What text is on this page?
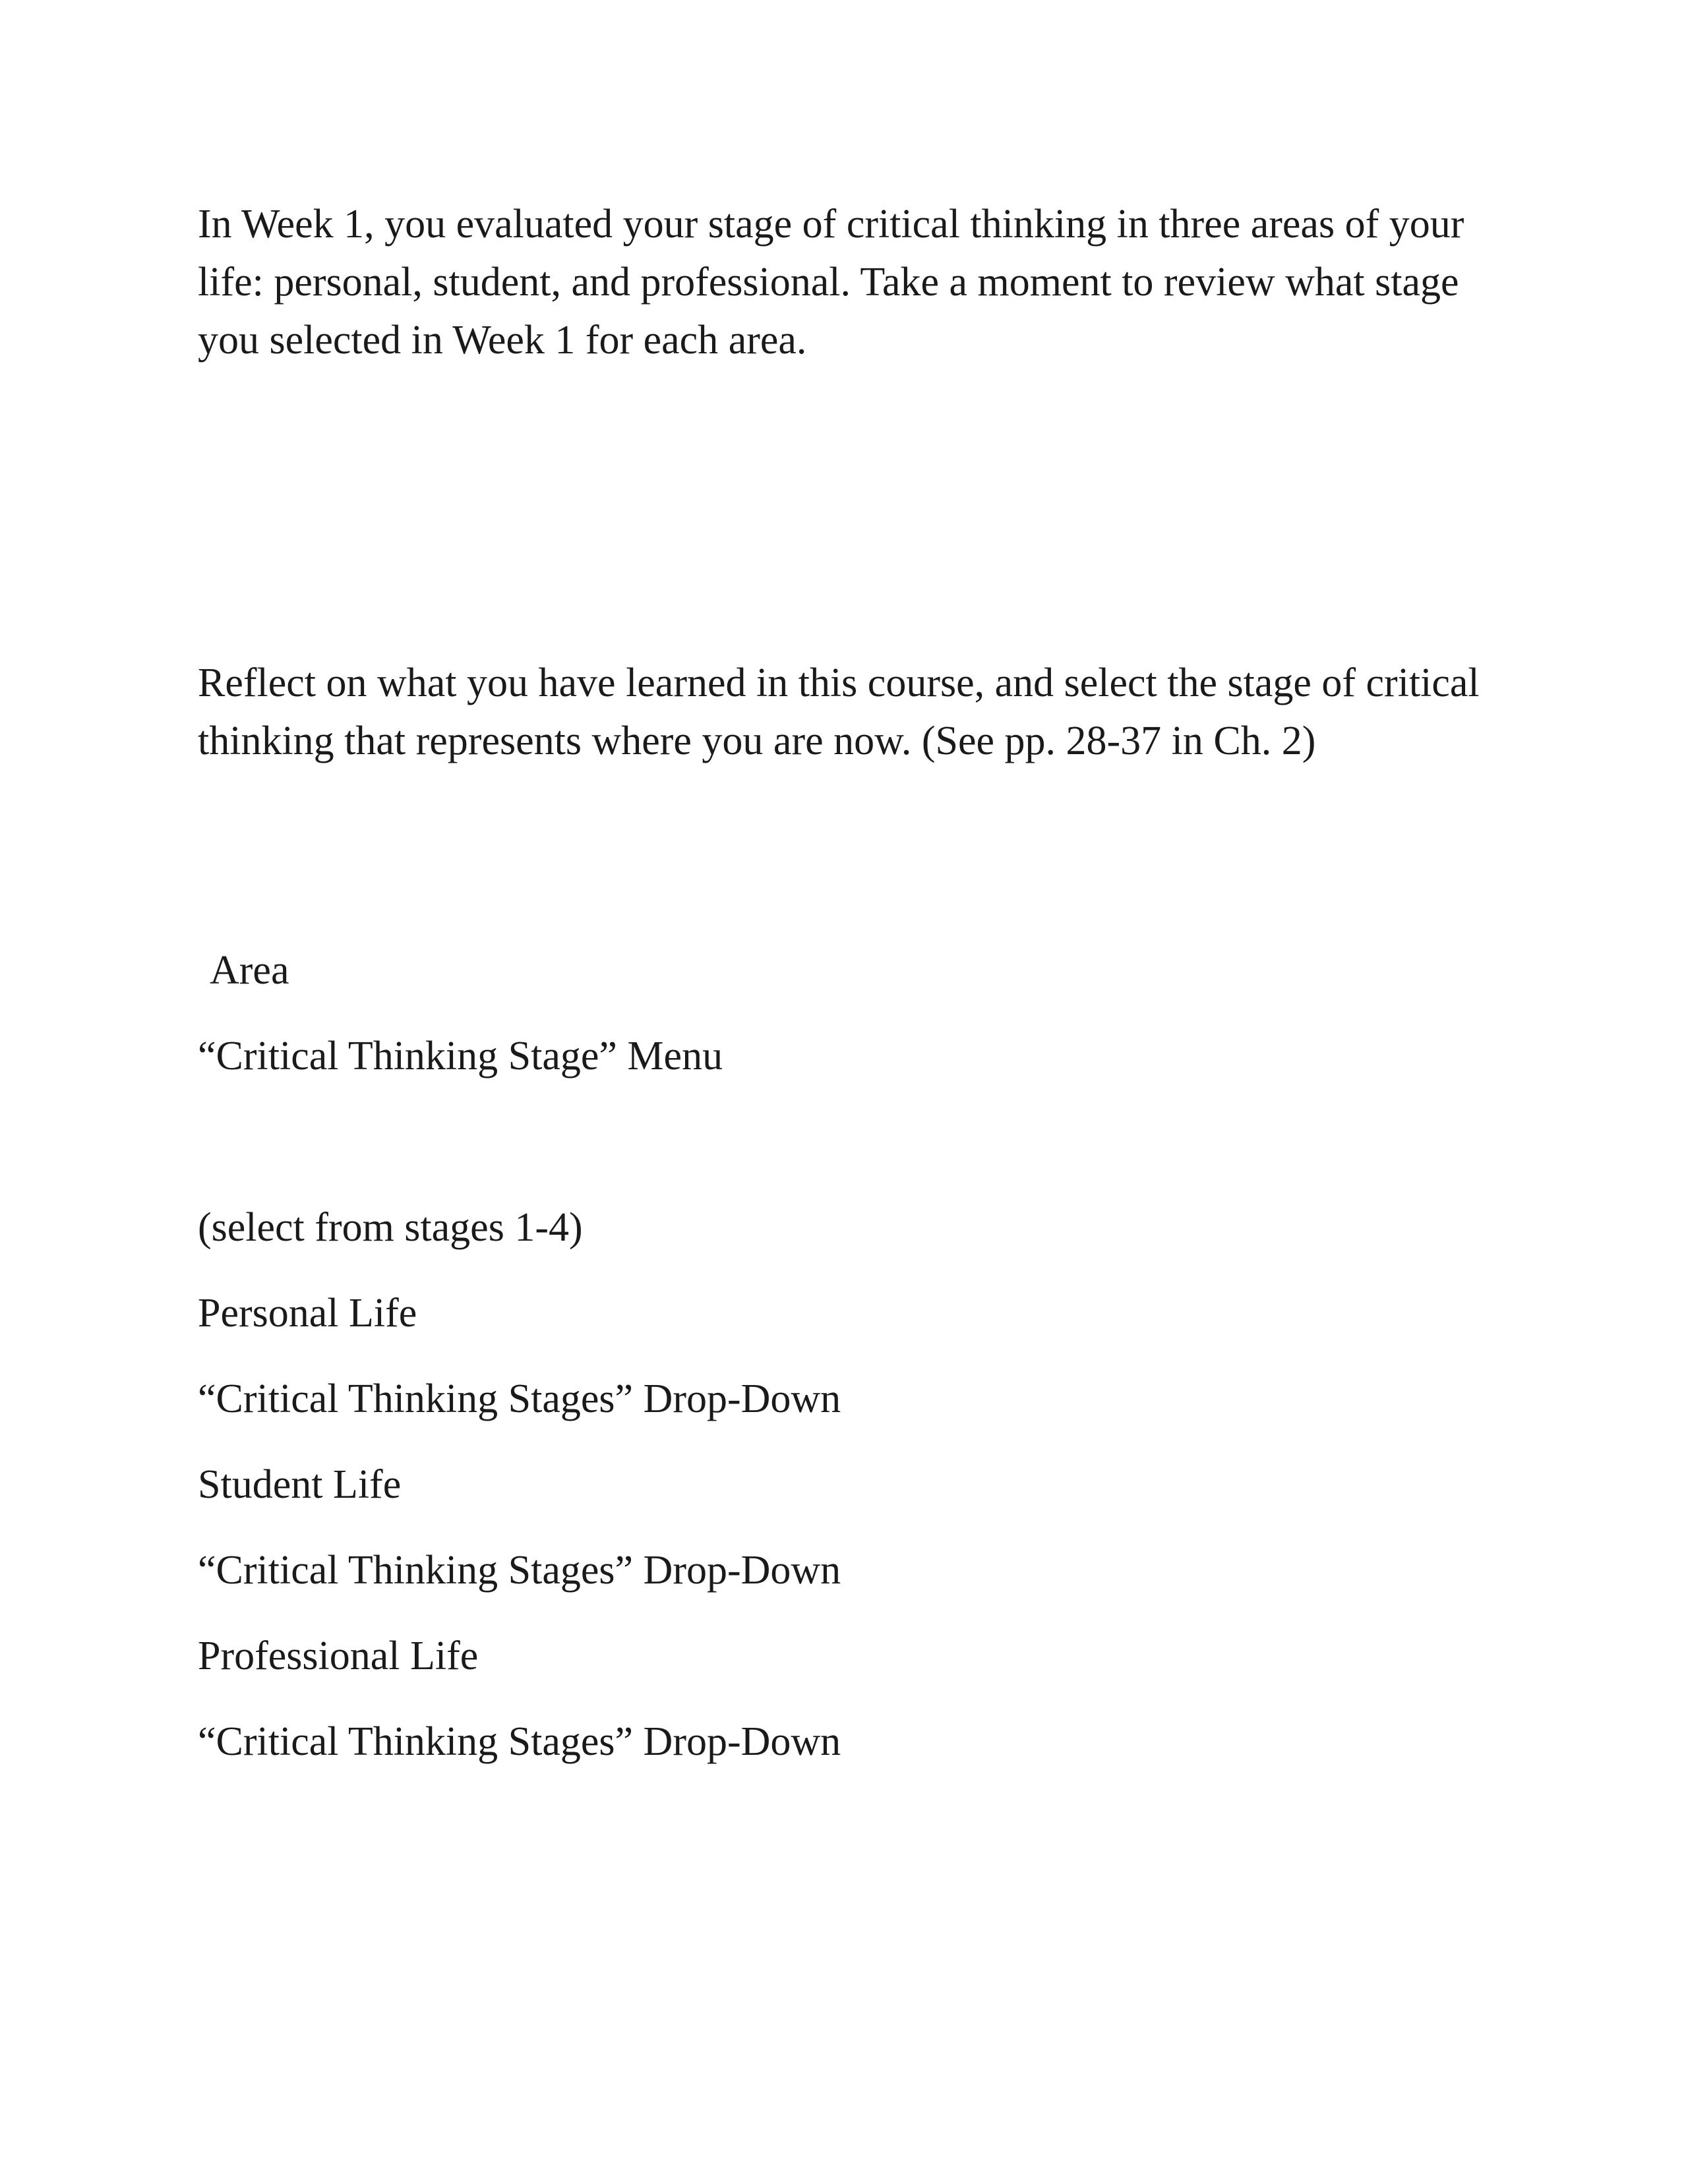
In Week 1, you evaluated your stage of critical thinking in three areas of your life: personal, student, and professional. Take a moment to review what stage you selected in Week 1 for each area.

Reflect on what you have learned in this course, and select the stage of critical thinking that represents where you are now. (See pp. 28-37 in Ch. 2)

Area

“Critical Thinking Stage” Menu

(select from stages 1-4)

Personal Life

“Critical Thinking Stages” Drop-Down

Student Life

“Critical Thinking Stages” Drop-Down

Professional Life

“Critical Thinking Stages” Drop-Down
